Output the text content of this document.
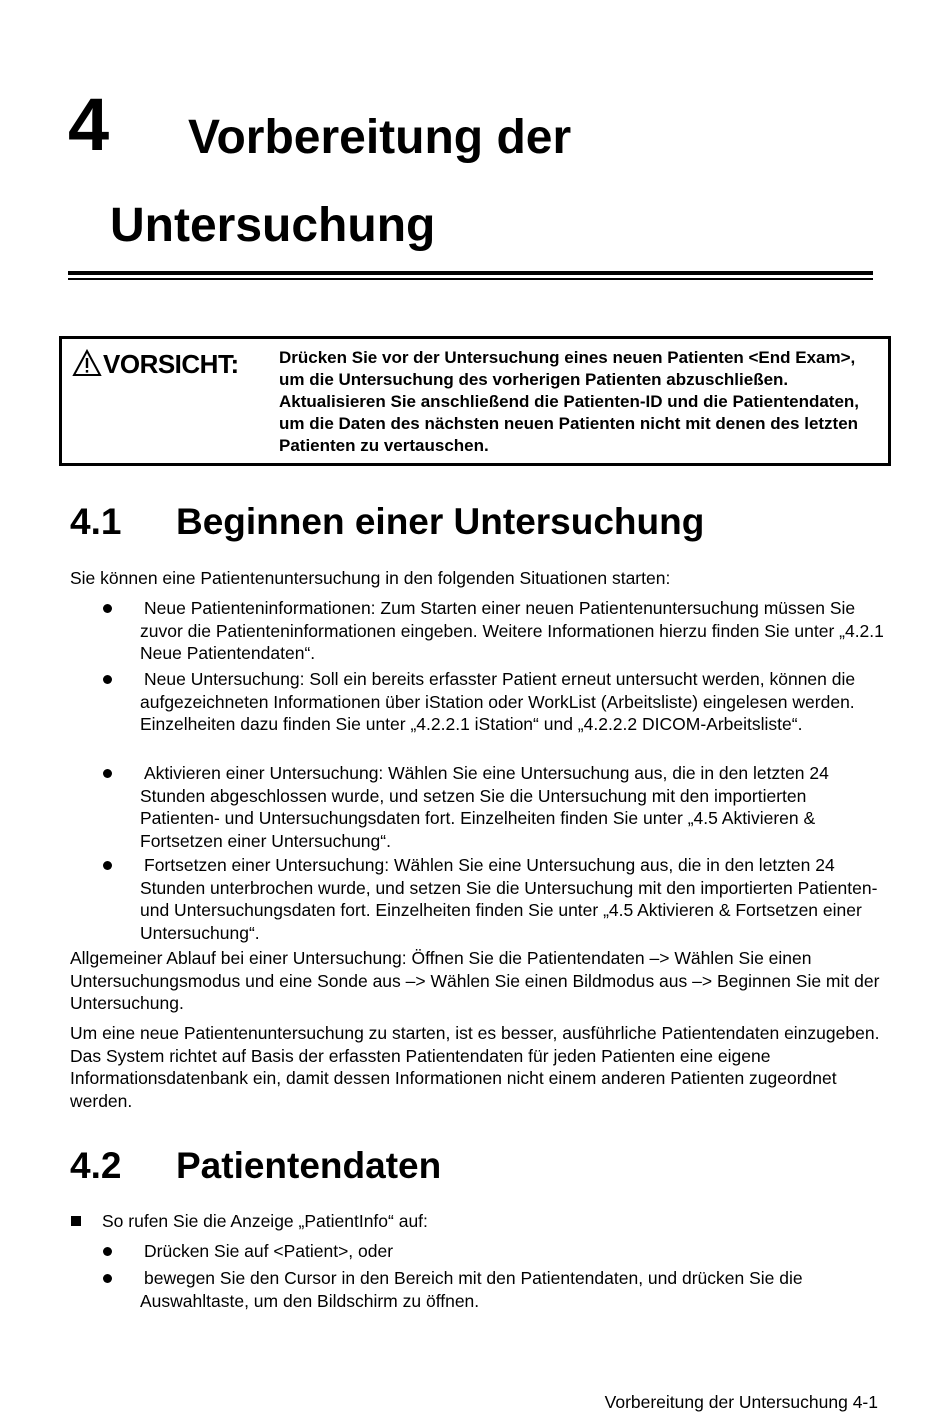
4 Vorbereitung der
Untersuchung
VORSICHT: Drücken Sie vor der Untersuchung eines neuen Patienten <End Exam>, um die Untersuchung des vorherigen Patienten abzuschließen. Aktualisieren Sie anschließend die Patienten-ID und die Patientendaten, um die Daten des nächsten neuen Patienten nicht mit denen des letzten Patienten zu vertauschen.
4.1 Beginnen einer Untersuchung
Sie können eine Patientenuntersuchung in den folgenden Situationen starten:
Neue Patienteninformationen: Zum Starten einer neuen Patientenuntersuchung müssen Sie zuvor die Patienteninformationen eingeben. Weitere Informationen hierzu finden Sie unter „4.2.1 Neue Patientendaten“.
Neue Untersuchung: Soll ein bereits erfasster Patient erneut untersucht werden, können die aufgezeichneten Informationen über iStation oder WorkList (Arbeitsliste) eingelesen werden. Einzelheiten dazu finden Sie unter „4.2.2.1 iStation“ und „4.2.2.2 DICOM-Arbeitsliste“.
Aktivieren einer Untersuchung: Wählen Sie eine Untersuchung aus, die in den letzten 24 Stunden abgeschlossen wurde, und setzen Sie die Untersuchung mit den importierten Patienten- und Untersuchungsdaten fort. Einzelheiten finden Sie unter „4.5 Aktivieren & Fortsetzen einer Untersuchung“.
Fortsetzen einer Untersuchung: Wählen Sie eine Untersuchung aus, die in den letzten 24 Stunden unterbrochen wurde, und setzen Sie die Untersuchung mit den importierten Patienten- und Untersuchungsdaten fort. Einzelheiten finden Sie unter „4.5 Aktivieren & Fortsetzen einer Untersuchung“.
Allgemeiner Ablauf bei einer Untersuchung: Öffnen Sie die Patientendaten –> Wählen Sie einen Untersuchungsmodus und eine Sonde aus –> Wählen Sie einen Bildmodus aus –> Beginnen Sie mit der Untersuchung.
Um eine neue Patientenuntersuchung zu starten, ist es besser, ausführliche Patientendaten einzugeben. Das System richtet auf Basis der erfassten Patientendaten für jeden Patienten eine eigene Informationsdatenbank ein, damit dessen Informationen nicht einem anderen Patienten zugeordnet werden.
4.2 Patientendaten
So rufen Sie die Anzeige „PatientInfo“ auf:
Drücken Sie auf <Patient>, oder
bewegen Sie den Cursor in den Bereich mit den Patientendaten, und drücken Sie die Auswahltaste, um den Bildschirm zu öffnen.
Vorbereitung der Untersuchung 4-1
